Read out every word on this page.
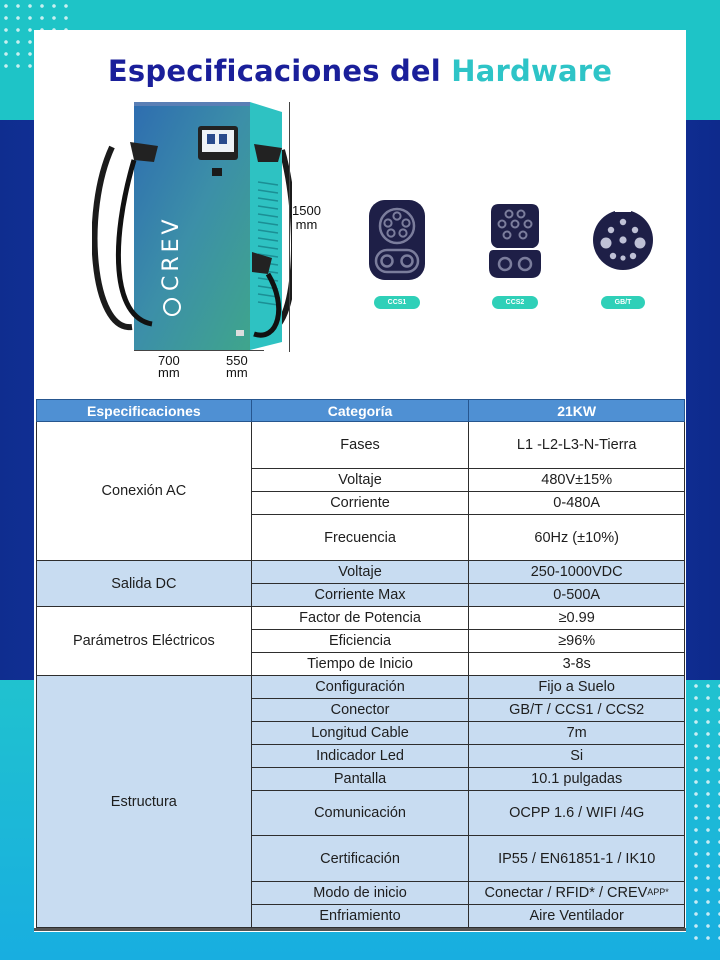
Especificaciones del Hardware
CREV
1500
mm
700
mm
550
mm
CCS1	CCS2	GB/T
Especificaciones	Categoría	21KW
Conexión AC	Fases	L1 -L2-L3-N-Tierra
	Voltaje	480V±15%
	Corriente	0-480A
	Frecuencia	60Hz (±10%)
Salida DC	Voltaje	250-1000VDC
	Corriente Max	0-500A
Parámetros Eléctricos	Factor de Potencia	≥0.99
	Eficiencia	≥96%
	Tiempo de Inicio	3-8s
Estructura	Configuración	Fijo a Suelo
	Conector	GB/T / CCS1 / CCS2
	Longitud Cable	7m
	Indicador Led	Si
	Pantalla	10.1 pulgadas
	Comunicación	OCPP 1.6 / WIFI /4G
	Certificación	IP55 / EN61851-1 / IK10
	Modo de inicio	Conectar / RFID* / $CREV^{APP*}$
	Enfriamiento	Aire Ventilador
